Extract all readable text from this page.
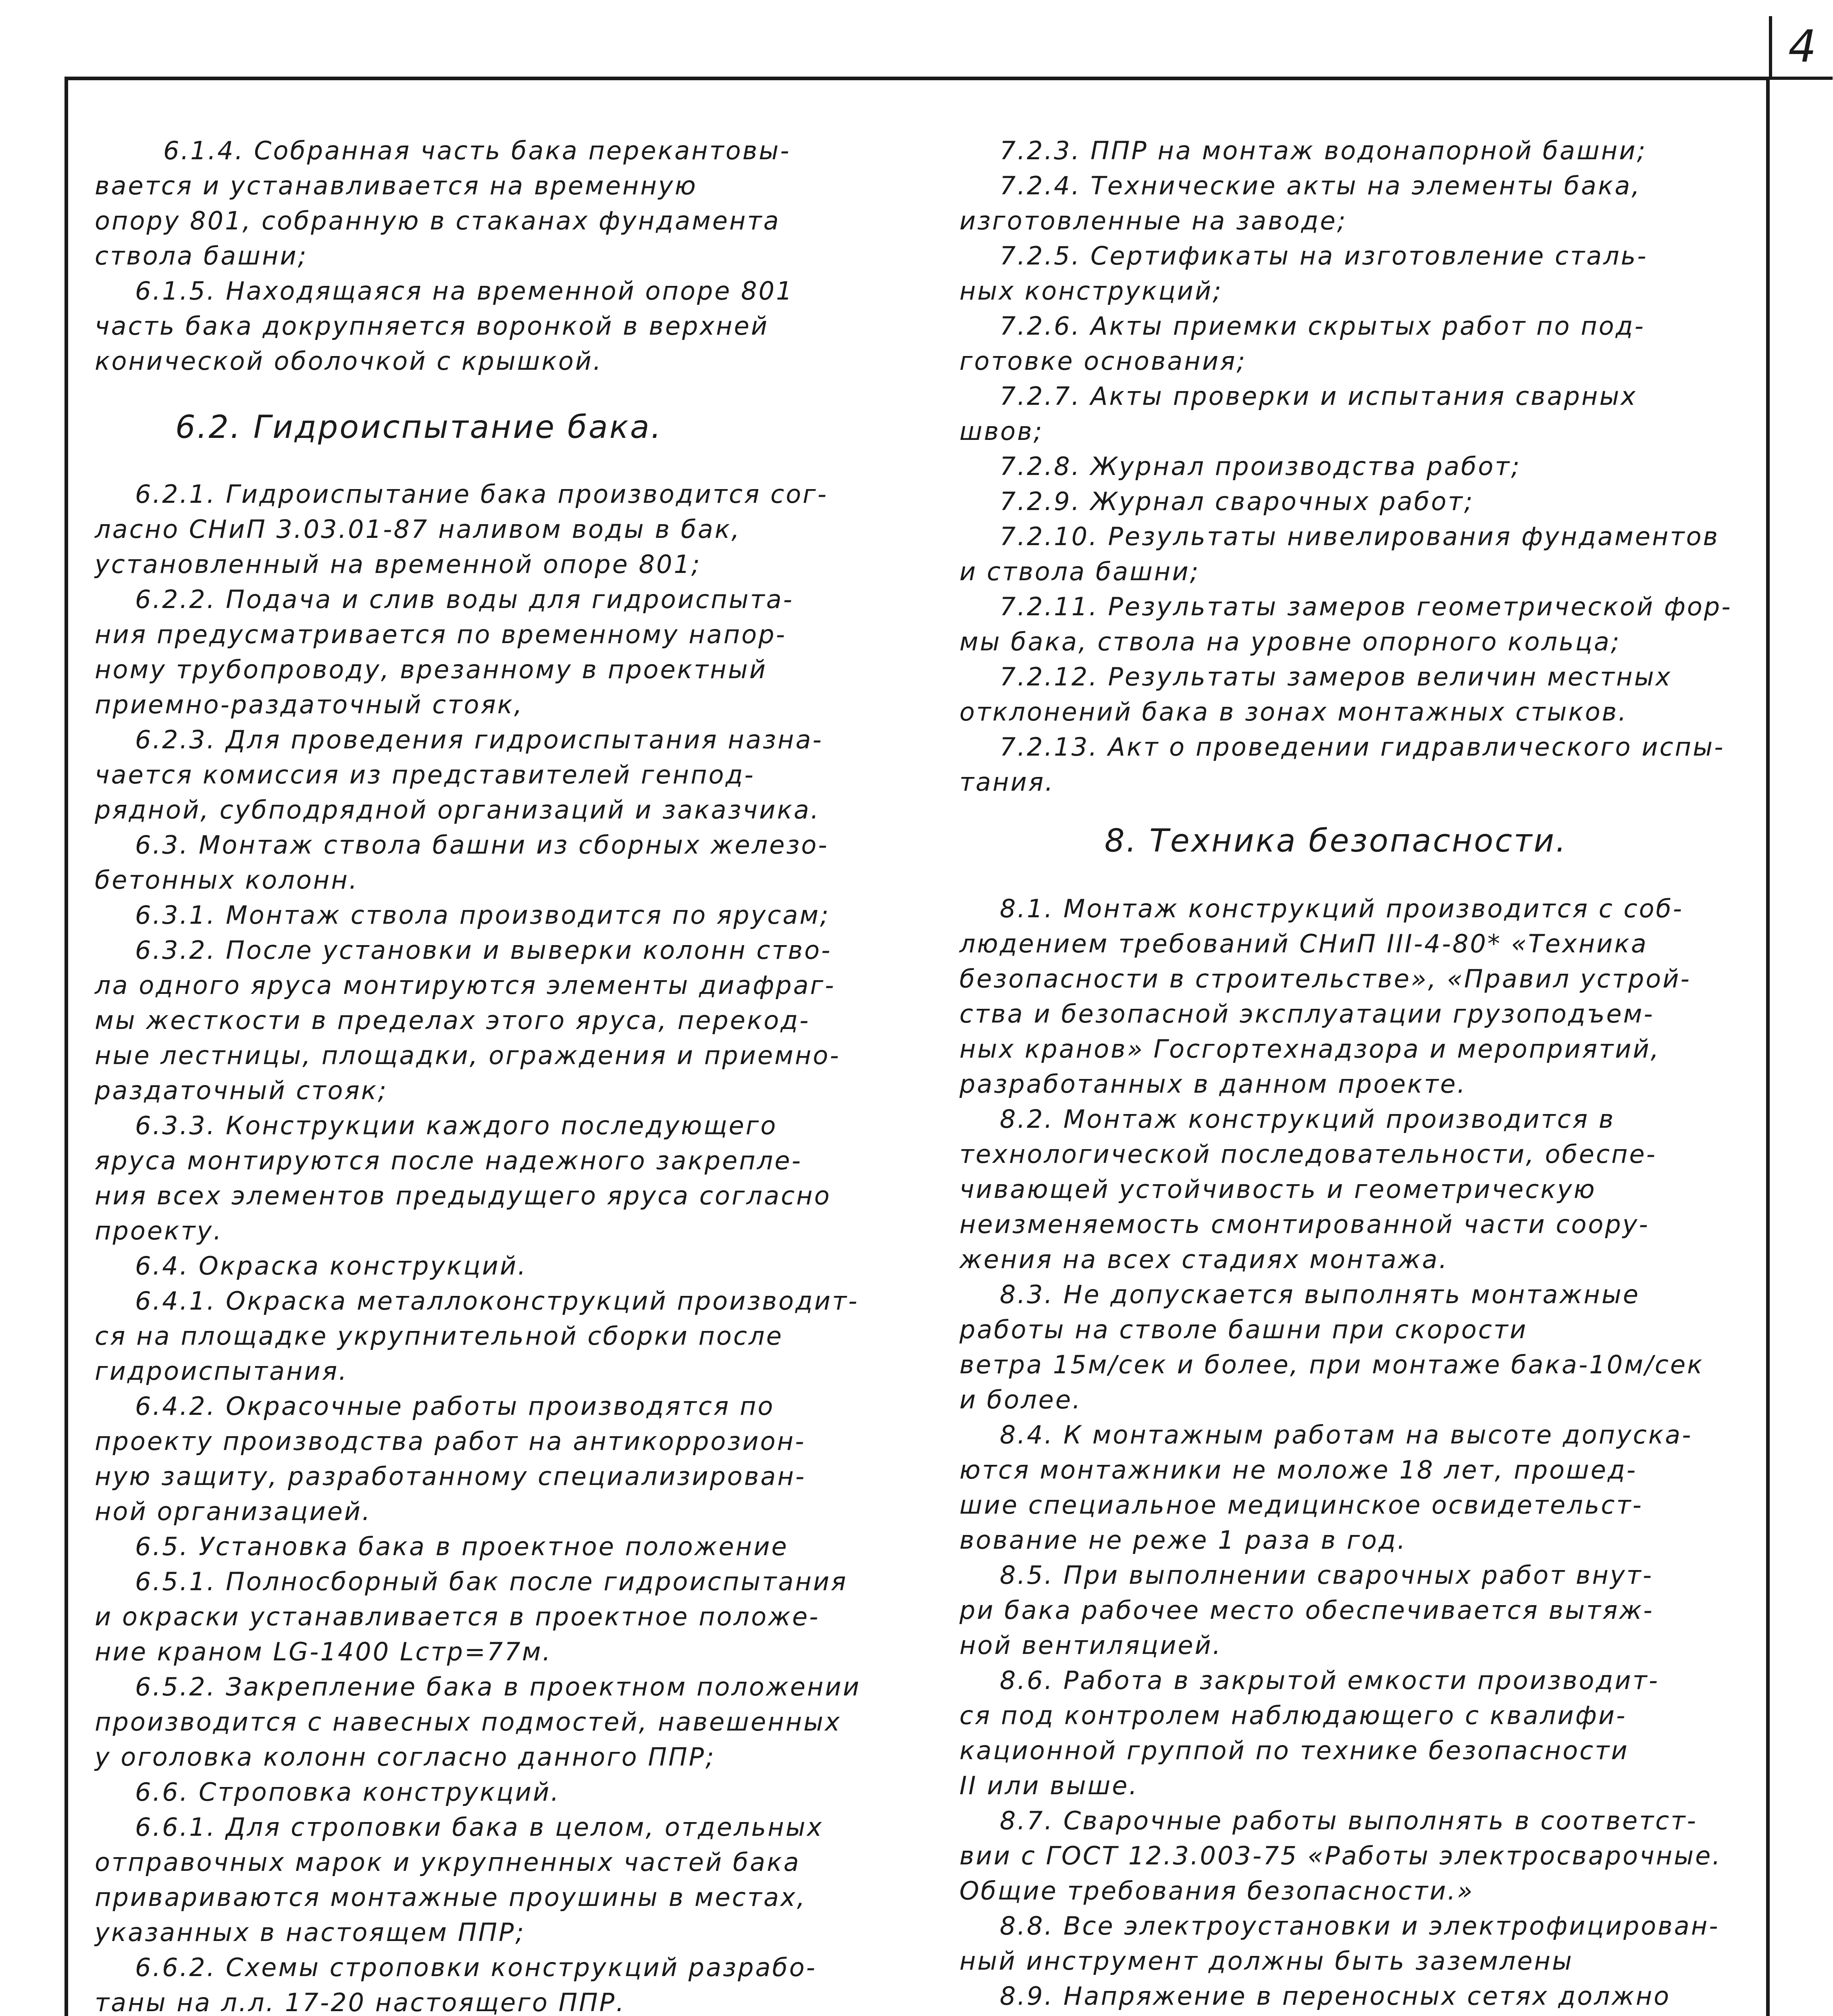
4

6.1.4. Собранная часть бака перекантовы-
вается и устанавливается на временную
опору 801, собранную в стаканах фундамента
ствола башни;

6.1.5. Находящаяся на временной опоре 801
часть бака докрупняется воронкой в верхней
конической оболочкой с крышкой.

6.2. Гидроиспытание бака.

6.2.1. Гидроиспытание бака производится сог-
ласно СНиП 3.03.01-87 наливом воды в бак,
установленный на временной опоре 801;

6.2.2. Подача и слив воды для гидроиспыта-
ния предусматривается по временному напор-
ному трубопроводу, врезанному в проектный
приемно-раздаточный стояк,

6.2.3. Для проведения гидроиспытания назна-
чается комиссия из представителей генпод-
рядной, субподрядной организаций и заказчика.

6.3. Монтаж ствола башни из сборных железо-
бетонных колонн.

6.3.1. Монтаж ствола производится по ярусам;

6.3.2. После установки и выверки колонн ство-
ла одного яруса монтируются элементы диафраг-
мы жесткости в пределах этого яруса, перекод-
ные лестницы, площадки, ограждения и приемно-
раздаточный стояк;

6.3.3. Конструкции каждого последующего
яруса монтируются после надежного закрепле-
ния всех элементов предыдущего яруса согласно
проекту.

6.4. Окраска конструкций.

6.4.1. Окраска металлоконструкций производит-
ся на площадке укрупнительной сборки после
гидроиспытания.

6.4.2. Окрасочные работы производятся по
проекту производства работ на антикоррозион-
ную защиту, разработанному специализирован-
ной организацией.

6.5. Установка бака в проектное положение

6.5.1. Полносборный бак после гидроиспытания
и окраски устанавливается в проектное положе-
ние краном LG-1400 Lстр=77м.

6.5.2. Закрепление бака в проектном положении
производится с навесных подмостей, навешенных
у оголовка колонн согласно данного ППР;

6.6. Строповка конструкций.

6.6.1. Для строповки бака в целом, отдельных
отправочных марок и укрупненных частей бака
привариваются монтажные проушины в местах,
указанных в настоящем ППР;

6.6.2. Схемы строповки конструкций разрабо-
таны на л.л. 17-20 настоящего ППР.

7.2.3. ППР на монтаж водонапорной башни;

7.2.4. Технические акты на элементы бака,
изготовленные на заводе;

7.2.5. Сертификаты на изготовление сталь-
ных конструкций;

7.2.6. Акты приемки скрытых работ по под-
готовке основания;

7.2.7. Акты проверки и испытания сварных
швов;

7.2.8. Журнал производства работ;

7.2.9. Журнал сварочных работ;

7.2.10. Результаты нивелирования фундаментов
и ствола башни;

7.2.11. Результаты замеров геометрической фор-
мы бака, ствола на уровне опорного кольца;

7.2.12. Результаты замеров величин местных
отклонений бака в зонах монтажных стыков.

7.2.13. Акт о проведении гидравлического испы-
тания.

8. Техника безопасности.

8.1. Монтаж конструкций производится с соб-
людением требований СНиП III-4-80* «Техника
безопасности в строительстве», «Правил устрой-
ства и безопасной эксплуатации грузоподъем-
ных кранов» Госгортехнадзора и мероприятий,
разработанных в данном проекте.

8.2. Монтаж конструкций производится в
технологической последовательности, обеспе-
чивающей устойчивость и геометрическую
неизменяемость смонтированной части соору-
жения на всех стадиях монтажа.

8.3. Не допускается выполнять монтажные
работы на стволе башни при скорости
ветра 15м/сек и более, при монтаже бака-10м/сек
и более.

8.4. К монтажным работам на высоте допуска-
ются монтажники не моложе 18 лет, прошед-
шие специальное медицинское освидетельст-
вование не реже 1 раза в год.

8.5. При выполнении сварочных работ внут-
ри бака рабочее место обеспечивается вытяж-
ной вентиляцией.

8.6. Работа в закрытой емкости производит-
ся под контролем наблюдающего с квалифи-
кационной группой по технике безопасности
II или выше.

8.7. Сварочные работы выполнять в соответст-
вии с ГОСТ 12.3.003-75 «Работы электросварочные.
Общие требования безопасности.»

8.8. Все электроустановки и электрофицирован-
ный инструмент должны быть заземлены

8.9. Напряжение в переносных сетях должно
